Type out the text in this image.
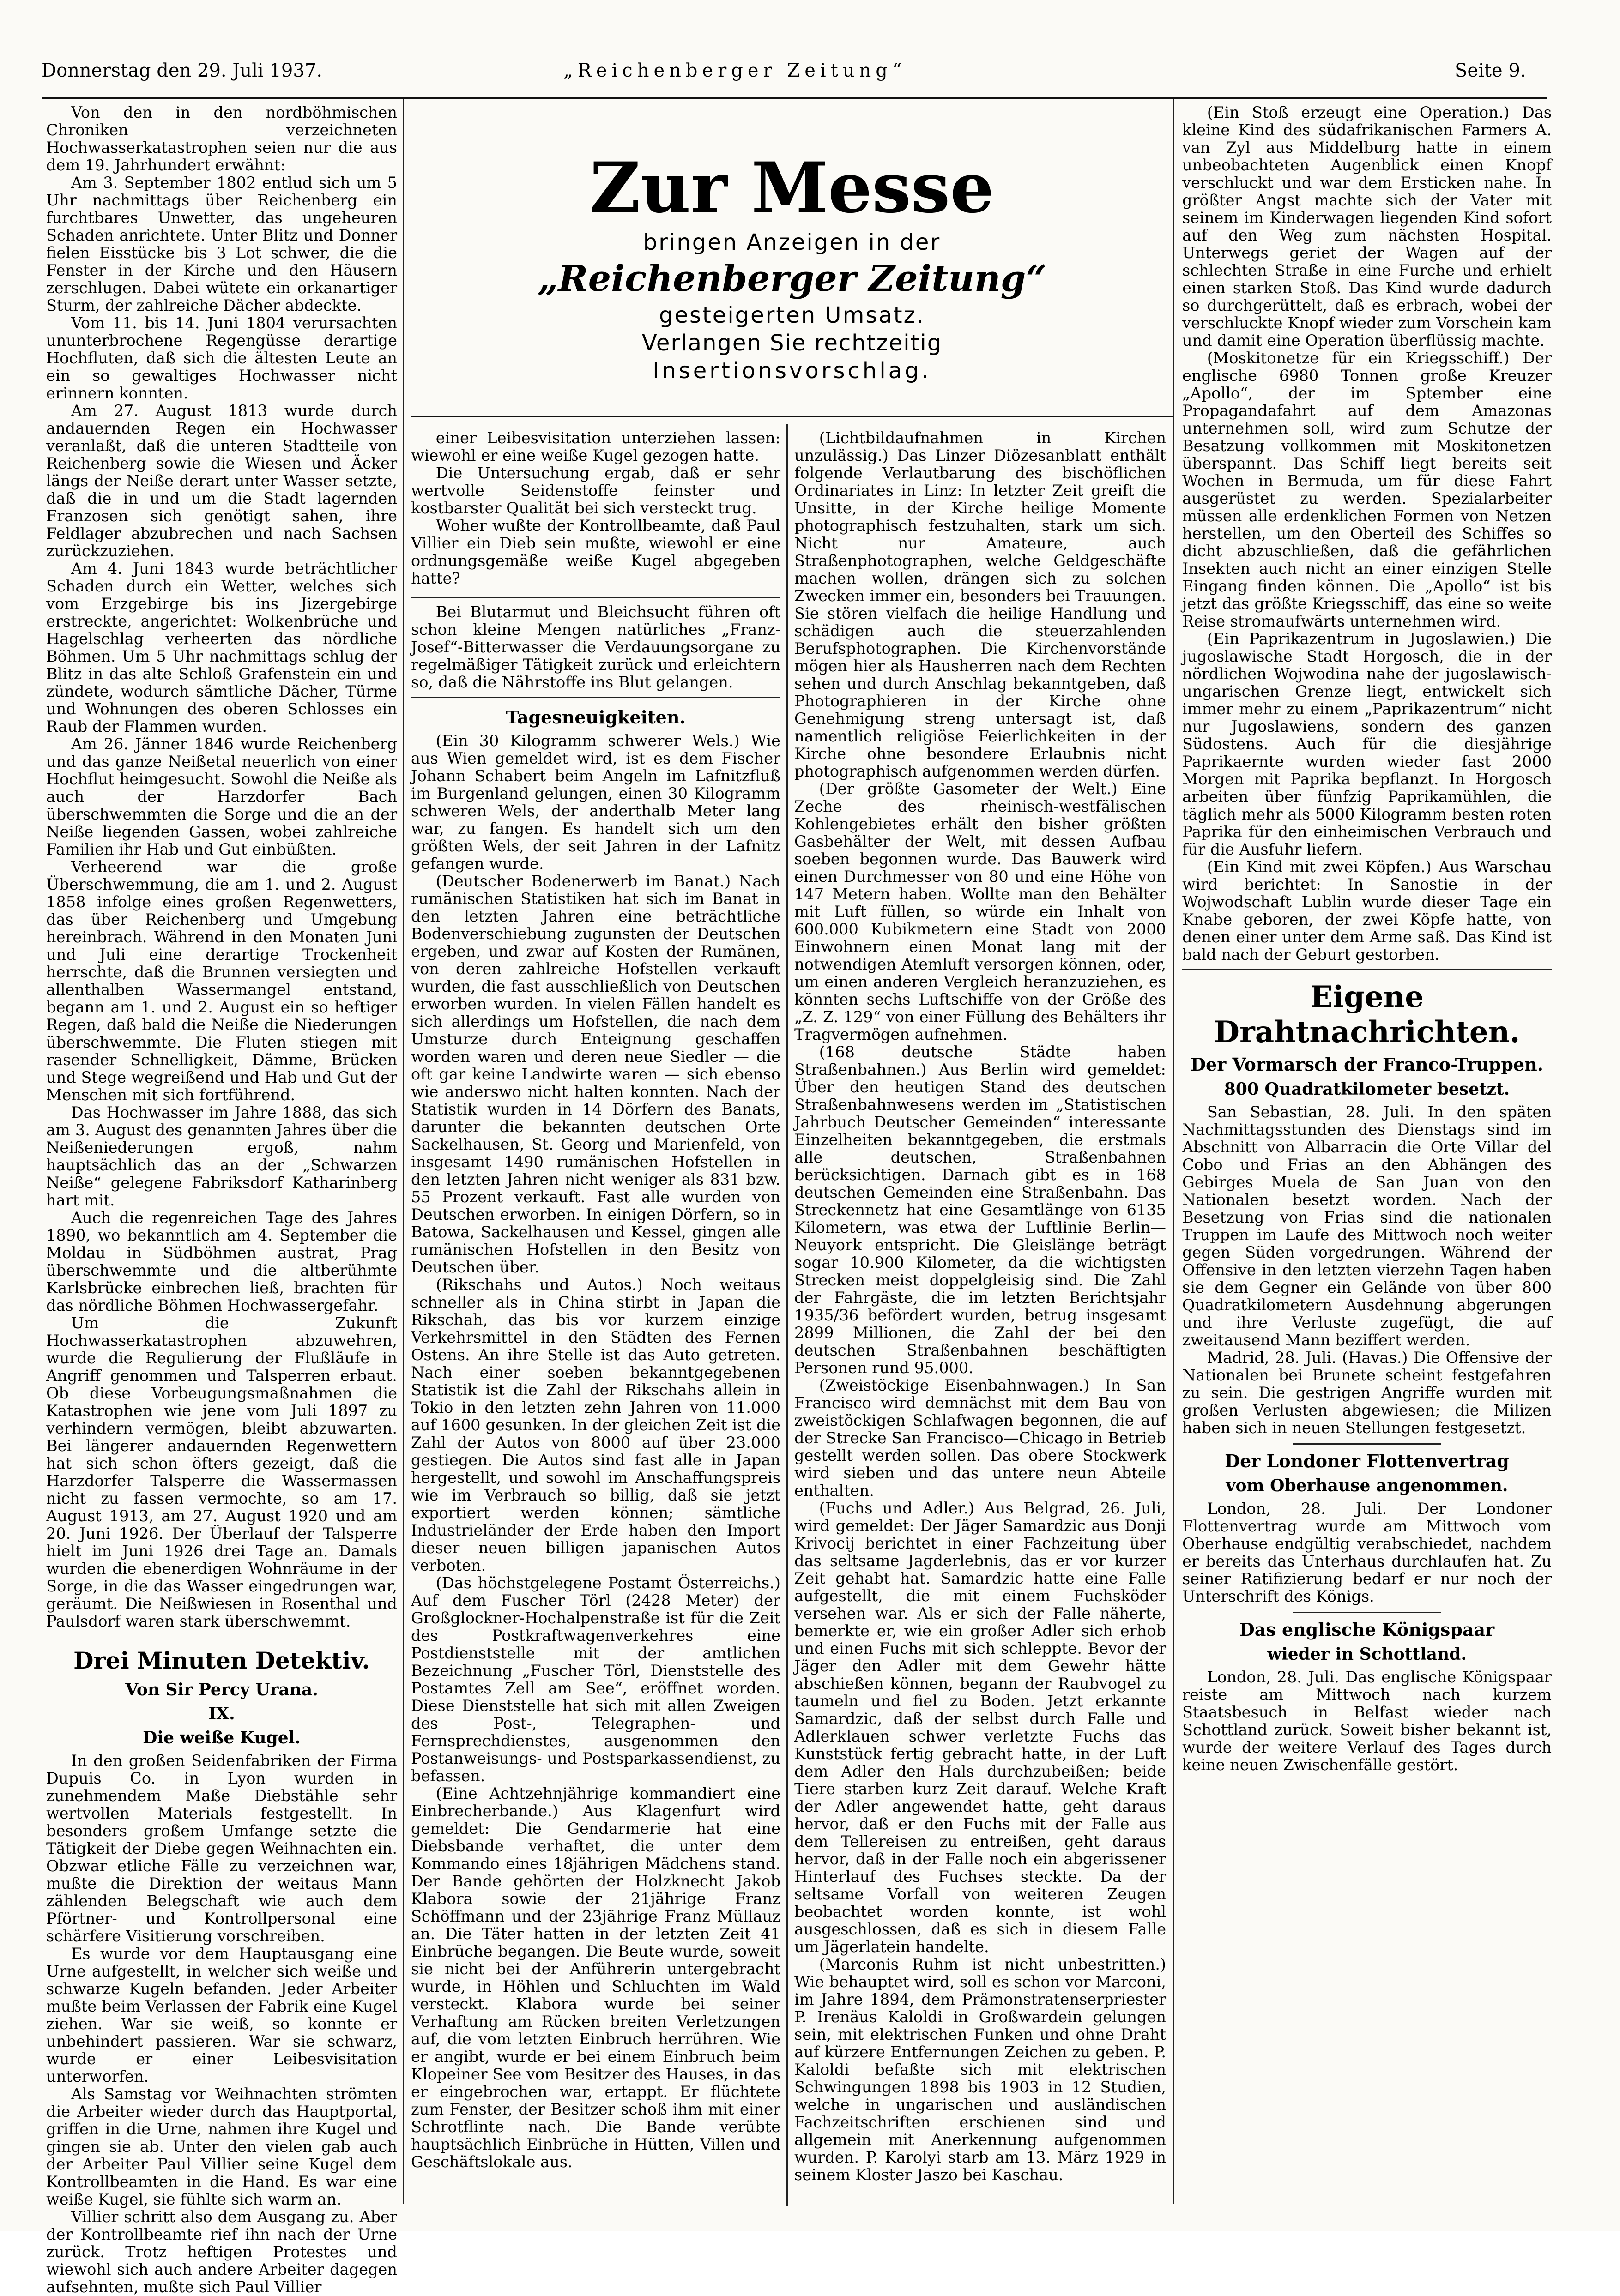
Donnerstag den 29. Juli 1937.	„Reichenberger Zeitung“	Seite 9.
Zur Messe
bringen Anzeigen in der
„Reichenberger Zeitung“
gesteigerten Umsatz.
Verlangen Sie rechtzeitig
Insertionsvorschlag.

Von den in den nordböhmischen Chroniken verzeichneten Hochwasserkatastrophen seien nur die aus dem 19. Jahrhundert erwähnt:

Am 3. September 1802 entlud sich um 5 Uhr nachmittags über Reichenberg ein furchtbares Unwetter, das ungeheuren Schaden anrichtete. Unter Blitz und Donner fielen Eisstücke bis 3 Lot schwer, die die Fenster in der Kirche und den Häusern zerschlugen. Dabei wütete ein orkanartiger Sturm, der zahlreiche Dächer abdeckte.

Vom 11. bis 14. Juni 1804 verursachten ununterbrochene Regengüsse derartige Hochfluten, daß sich die ältesten Leute an ein so gewaltiges Hochwasser nicht erinnern konnten.

Am 27. August 1813 wurde durch andauernden Regen ein Hochwasser veranlaßt, daß die unteren Stadtteile von Reichenberg sowie die Wiesen und Äcker längs der Neiße derart unter Wasser setzte, daß die in und um die Stadt lagernden Franzosen sich genötigt sahen, ihre Feldlager abzubrechen und nach Sachsen zurückzuziehen.

Am 4. Juni 1843 wurde beträchtlicher Schaden durch ein Wetter, welches sich vom Erzgebirge bis ins Jizergebirge erstreckte, angerichtet: Wolkenbrüche und Hagelschlag verheerten das nördliche Böhmen. Um 5 Uhr nachmittags schlug der Blitz in das alte Schloß Grafenstein ein und zündete, wodurch sämtliche Dächer, Türme und Wohnungen des oberen Schlosses ein Raub der Flammen wurden.

Am 26. Jänner 1846 wurde Reichenberg und das ganze Neißetal neuerlich von einer Hochflut heimgesucht. Sowohl die Neiße als auch der Harzdorfer Bach überschwemmten die Sorge und die an der Neiße liegenden Gassen, wobei zahlreiche Familien ihr Hab und Gut einbüßten.

Verheerend war die große Überschwemmung, die am 1. und 2. August 1858 infolge eines großen Regenwetters, das über Reichenberg und Umgebung hereinbrach. Während in den Monaten Juni und Juli eine derartige Trockenheit herrschte, daß die Brunnen versiegten und allenthalben Wassermangel entstand, begann am 1. und 2. August ein so heftiger Regen, daß bald die Neiße die Niederungen überschwemmte. Die Fluten stiegen mit rasender Schnelligkeit, Dämme, Brücken und Stege wegreißend und Hab und Gut der Menschen mit sich fortführend.

Das Hochwasser im Jahre 1888, das sich am 3. August des genannten Jahres über die Neißeniederungen ergoß, nahm hauptsächlich das an der „Schwarzen Neiße“ gelegene Fabriksdorf Katharinberg hart mit.

Auch die regenreichen Tage des Jahres 1890, wo bekanntlich am 4. September die Moldau in Südböhmen austrat, Prag überschwemmte und die altberühmte Karlsbrücke einbrechen ließ, brachten für das nördliche Böhmen Hochwassergefahr.

Um die Zukunft Hochwasserkatastrophen abzuwehren, wurde die Regulierung der Flußläufe in Angriff genommen und Talsperren erbaut. Ob diese Vorbeugungsmaßnahmen die Katastrophen wie jene vom Juli 1897 zu verhindern vermögen, bleibt abzuwarten. Bei längerer andauernden Regenwettern hat sich schon öfters gezeigt, daß die Harzdorfer Talsperre die Wassermassen nicht zu fassen vermochte, so am 17. August 1913, am 27. August 1920 und am 20. Juni 1926. Der Überlauf der Talsperre hielt im Juni 1926 drei Tage an. Damals wurden die ebenerdigen Wohnräume in der Sorge, in die das Wasser eingedrungen war, geräumt. Die Neißwiesen in Rosenthal und Paulsdorf waren stark überschwemmt.

Drei Minuten Detektiv.
Von Sir Percy Urana.
IX.
Die weiße Kugel.

In den großen Seidenfabriken der Firma Dupuis Co. in Lyon wurden in zunehmendem Maße Diebstähle sehr wertvollen Materials festgestellt. In besonders großem Umfange setzte die Tätigkeit der Diebe gegen Weihnachten ein. Obzwar etliche Fälle zu verzeichnen war, mußte die Direktion der weitaus Mann zählenden Belegschaft wie auch dem Pförtner- und Kontrollpersonal eine schärfere Visitierung vorschreiben.

Es wurde vor dem Hauptausgang eine Urne aufgestellt, in welcher sich weiße und schwarze Kugeln befanden. Jeder Arbeiter mußte beim Verlassen der Fabrik eine Kugel ziehen. War sie weiß, so konnte er unbehindert passieren. War sie schwarz, wurde er einer Leibesvisitation unterworfen.

Als Samstag vor Weihnachten strömten die Arbeiter wieder durch das Hauptportal, griffen in die Urne, nahmen ihre Kugel und gingen sie ab. Unter den vielen gab auch der Arbeiter Paul Villier seine Kugel dem Kontrollbeamten in die Hand. Es war eine weiße Kugel, sie fühlte sich warm an.

Villier schritt also dem Ausgang zu. Aber der Kontrollbeamte rief ihn nach der Urne zurück. Trotz heftigen Protestes und wiewohl sich auch andere Arbeiter dagegen aufsehnten, mußte sich Paul Villier

einer Leibesvisitation unterziehen lassen: wiewohl er eine weiße Kugel gezogen hatte.

Die Untersuchung ergab, daß er sehr wertvolle Seidenstoffe feinster und kostbarster Qualität bei sich versteckt trug.

Woher wußte der Kontrollbeamte, daß Paul Villier ein Dieb sein mußte, wiewohl er eine ordnungsgemäße weiße Kugel abgegeben hatte?

Bei Blutarmut und Bleichsucht führen oft schon kleine Mengen natürliches „Franz-Josef“-Bitterwasser die Verdauungsorgane zu regelmäßiger Tätigkeit zurück und erleichtern so, daß die Nährstoffe ins Blut gelangen.

Tagesneuigkeiten.

(Ein 30 Kilogramm schwerer Wels.) Wie aus Wien gemeldet wird, ist es dem Fischer Johann Schabert beim Angeln im Lafnitzfluß im Burgenland gelungen, einen 30 Kilogramm schweren Wels, der anderthalb Meter lang war, zu fangen. Es handelt sich um den größten Wels, der seit Jahren in der Lafnitz gefangen wurde.

(Deutscher Bodenerwerb im Banat.) Nach rumänischen Statistiken hat sich im Banat in den letzten Jahren eine beträchtliche Bodenverschiebung zugunsten der Deutschen ergeben, und zwar auf Kosten der Rumänen, von deren zahlreiche Hofstellen verkauft wurden, die fast ausschließlich von Deutschen erworben wurden. In vielen Fällen handelt es sich allerdings um Hofstellen, die nach dem Umsturze durch Enteignung geschaffen worden waren und deren neue Siedler — die oft gar keine Landwirte waren — sich ebenso wie anderswo nicht halten konnten. Nach der Statistik wurden in 14 Dörfern des Banats, darunter die bekannten deutschen Orte Sackelhausen, St. Georg und Marienfeld, von insgesamt 1490 rumänischen Hofstellen in den letzten Jahren nicht weniger als 831 bzw. 55 Prozent verkauft. Fast alle wurden von Deutschen erworben. In einigen Dörfern, so in Batowa, Sackelhausen und Kessel, gingen alle rumänischen Hofstellen in den Besitz von Deutschen über.

(Rikschahs und Autos.) Noch weitaus schneller als in China stirbt in Japan die Rikschah, das bis vor kurzem einzige Verkehrsmittel in den Städten des Fernen Ostens. An ihre Stelle ist das Auto getreten. Nach einer soeben bekanntgegebenen Statistik ist die Zahl der Rikschahs allein in Tokio in den letzten zehn Jahren von 11.000 auf 1600 gesunken. In der gleichen Zeit ist die Zahl der Autos von 8000 auf über 23.000 gestiegen. Die Autos sind fast alle in Japan hergestellt, und sowohl im Anschaffungspreis wie im Verbrauch so billig, daß sie jetzt exportiert werden können; sämtliche Industrieländer der Erde haben den Import dieser neuen billigen japanischen Autos verboten.

(Das höchstgelegene Postamt Österreichs.) Auf dem Fuscher Törl (2428 Meter) der Großglockner-Hochalpenstraße ist für die Zeit des Postkraftwagenverkehres eine Postdienststelle mit der amtlichen Bezeichnung „Fuscher Törl, Dienststelle des Postamtes Zell am See“, eröffnet worden. Diese Dienststelle hat sich mit allen Zweigen des Post-, Telegraphen- und Fernsprechdienstes, ausgenommen den Postanweisungs- und Postsparkassendienst, zu befassen.

(Eine Achtzehnjährige kommandiert eine Einbrecherbande.) Aus Klagenfurt wird gemeldet: Die Gendarmerie hat eine Diebsbande verhaftet, die unter dem Kommando eines 18jährigen Mädchens stand. Der Bande gehörten der Holzknecht Jakob Klabora sowie der 21jährige Franz Schöffmann und der 23jährige Franz Müllauz an. Die Täter hatten in der letzten Zeit 41 Einbrüche begangen. Die Beute wurde, soweit sie nicht bei der Anführerin untergebracht wurde, in Höhlen und Schluchten im Wald versteckt. Klabora wurde bei seiner Verhaftung am Rücken breiten Verletzungen auf, die vom letzten Einbruch herrühren. Wie er angibt, wurde er bei einem Einbruch beim Klopeiner See vom Besitzer des Hauses, in das er eingebrochen war, ertappt. Er flüchtete zum Fenster, der Besitzer schoß ihm mit einer Schrotflinte nach. Die Bande verübte hauptsächlich Einbrüche in Hütten, Villen und Geschäftslokale aus.

(Lichtbildaufnahmen in Kirchen unzulässig.) Das Linzer Diözesanblatt enthält folgende Verlautbarung des bischöflichen Ordinariates in Linz: In letzter Zeit greift die Unsitte, in der Kirche heilige Momente photographisch festzuhalten, stark um sich. Nicht nur Amateure, auch Straßenphotographen, welche Geldgeschäfte machen wollen, drängen sich zu solchen Zwecken immer ein, besonders bei Trauungen. Sie stören vielfach die heilige Handlung und schädigen auch die steuerzahlenden Berufsphotographen. Die Kirchenvorstände mögen hier als Hausherren nach dem Rechten sehen und durch Anschlag bekanntgeben, daß Photographieren in der Kirche ohne Genehmigung streng untersagt ist, daß namentlich religiöse Feierlichkeiten in der Kirche ohne besondere Erlaubnis nicht photographisch aufgenommen werden dürfen.

(Der größte Gasometer der Welt.) Eine Zeche des rheinisch-westfälischen Kohlengebietes erhält den bisher größten Gasbehälter der Welt, mit dessen Aufbau soeben begonnen wurde. Das Bauwerk wird einen Durchmesser von 80 und eine Höhe von 147 Metern haben. Wollte man den Behälter mit Luft füllen, so würde ein Inhalt von 600.000 Kubikmetern eine Stadt von 2000 Einwohnern einen Monat lang mit der notwendigen Atemluft versorgen können, oder, um einen anderen Vergleich heranzuziehen, es könnten sechs Luftschiffe von der Größe des „Z. Z. 129“ von einer Füllung des Behälters ihr Tragvermögen aufnehmen.

(168 deutsche Städte haben Straßenbahnen.) Aus Berlin wird gemeldet: Über den heutigen Stand des deutschen Straßenbahnwesens werden im „Statistischen Jahrbuch Deutscher Gemeinden“ interessante Einzelheiten bekanntgegeben, die erstmals alle deutschen, Straßenbahnen berücksichtigen. Darnach gibt es in 168 deutschen Gemeinden eine Straßenbahn. Das Streckennetz hat eine Gesamtlänge von 6135 Kilometern, was etwa der Luftlinie Berlin—Neuyork entspricht. Die Gleislänge beträgt sogar 10.900 Kilometer, da die wichtigsten Strecken meist doppelgleisig sind. Die Zahl der Fahrgäste, die im letzten Berichtsjahr 1935/36 befördert wurden, betrug insgesamt 2899 Millionen, die Zahl der bei den deutschen Straßenbahnen beschäftigten Personen rund 95.000.

(Zweistöckige Eisenbahnwagen.) In San Francisco wird demnächst mit dem Bau von zweistöckigen Schlafwagen begonnen, die auf der Strecke San Francisco—Chicago in Betrieb gestellt werden sollen. Das obere Stockwerk wird sieben und das untere neun Abteile enthalten.

(Fuchs und Adler.) Aus Belgrad, 26. Juli, wird gemeldet: Der Jäger Samardzic aus Donji Krivocij berichtet in einer Fachzeitung über das seltsame Jagderlebnis, das er vor kurzer Zeit gehabt hat. Samardzic hatte eine Falle aufgestellt, die mit einem Fuchsköder versehen war. Als er sich der Falle näherte, bemerkte er, wie ein großer Adler sich erhob und einen Fuchs mit sich schleppte. Bevor der Jäger den Adler mit dem Gewehr hätte abschießen können, begann der Raubvogel zu taumeln und fiel zu Boden. Jetzt erkannte Samardzic, daß der selbst durch Falle und Adlerklauen schwer verletzte Fuchs das Kunststück fertig gebracht hatte, in der Luft dem Adler den Hals durchzubeißen; beide Tiere starben kurz Zeit darauf. Welche Kraft der Adler angewendet hatte, geht daraus hervor, daß er den Fuchs mit der Falle aus dem Tellereisen zu entreißen, geht daraus hervor, daß in der Falle noch ein abgerissener Hinterlauf des Fuchses steckte. Da der seltsame Vorfall von weiteren Zeugen beobachtet worden konnte, ist wohl ausgeschlossen, daß es sich in diesem Falle um Jägerlatein handelte.

(Marconis Ruhm ist nicht unbestritten.) Wie behauptet wird, soll es schon vor Marconi, im Jahre 1894, dem Prämonstratenserpriester P. Irenäus Kaloldi in Großwardein gelungen sein, mit elektrischen Funken und ohne Draht auf kürzere Entfernungen Zeichen zu geben. P. Kaloldi befaßte sich mit elektrischen Schwingungen 1898 bis 1903 in 12 Studien, welche in ungarischen und ausländischen Fachzeitschriften erschienen sind und allgemein mit Anerkennung aufgenommen wurden. P. Karolyi starb am 13. März 1929 in seinem Kloster Jaszo bei Kaschau.

(Ein Stoß erzeugt eine Operation.) Das kleine Kind des südafrikanischen Farmers A. van Zyl aus Middelburg hatte in einem unbeobachteten Augenblick einen Knopf verschluckt und war dem Ersticken nahe. In größter Angst machte sich der Vater mit seinem im Kinderwagen liegenden Kind sofort auf den Weg zum nächsten Hospital. Unterwegs geriet der Wagen auf der schlechten Straße in eine Furche und erhielt einen starken Stoß. Das Kind wurde dadurch so durchgerüttelt, daß es erbrach, wobei der verschluckte Knopf wieder zum Vorschein kam und damit eine Operation überflüssig machte.

(Moskitonetze für ein Kriegsschiff.) Der englische 6980 Tonnen große Kreuzer „Apollo“, der im Sptember eine Propagandafahrt auf dem Amazonas unternehmen soll, wird zum Schutze der Besatzung vollkommen mit Moskitonetzen überspannt. Das Schiff liegt bereits seit Wochen in Bermuda, um für diese Fahrt ausgerüstet zu werden. Spezialarbeiter müssen alle erdenklichen Formen von Netzen herstellen, um den Oberteil des Schiffes so dicht abzuschließen, daß die gefährlichen Insekten auch nicht an einer einzigen Stelle Eingang finden können. Die „Apollo“ ist bis jetzt das größte Kriegsschiff, das eine so weite Reise stromaufwärts unternehmen wird.

(Ein Paprikazentrum in Jugoslawien.) Die jugoslawische Stadt Horgosch, die in der nördlichen Wojwodina nahe der jugoslawisch-ungarischen Grenze liegt, entwickelt sich immer mehr zu einem „Paprikazentrum“ nicht nur Jugoslawiens, sondern des ganzen Südostens. Auch für die diesjährige Paprikaernte wurden wieder fast 2000 Morgen mit Paprika bepflanzt. In Horgosch arbeiten über fünfzig Paprikamühlen, die täglich mehr als 5000 Kilogramm besten roten Paprika für den einheimischen Verbrauch und für die Ausfuhr liefern.

(Ein Kind mit zwei Köpfen.) Aus Warschau wird berichtet: In Sanostie in der Wojwodschaft Lublin wurde dieser Tage ein Knabe geboren, der zwei Köpfe hatte, von denen einer unter dem Arme saß. Das Kind ist bald nach der Geburt gestorben.

Eigene Drahtnachrichten.
Der Vormarsch der Franco-Truppen.
800 Quadratkilometer besetzt.

San Sebastian, 28. Juli. In den späten Nachmittagsstunden des Dienstags sind im Abschnitt von Albarracin die Orte Villar del Cobo und Frias an den Abhängen des Gebirges Muela de San Juan von den Nationalen besetzt worden. Nach der Besetzung von Frias sind die nationalen Truppen im Laufe des Mittwoch noch weiter gegen Süden vorgedrungen. Während der Offensive in den letzten vierzehn Tagen haben sie dem Gegner ein Gelände von über 800 Quadratkilometern Ausdehnung abgerungen und ihre Verluste zugefügt, die auf zweitausend Mann beziffert werden.

Madrid, 28. Juli. (Havas.) Die Offensive der Nationalen bei Brunete scheint festgefahren zu sein. Die gestrigen Angriffe wurden mit großen Verlusten abgewiesen; die Milizen haben sich in neuen Stellungen festgesetzt.

Der Londoner Flottenvertrag
vom Oberhause angenommen.

London, 28. Juli. Der Londoner Flottenvertrag wurde am Mittwoch vom Oberhause endgültig verabschiedet, nachdem er bereits das Unterhaus durchlaufen hat. Zu seiner Ratifizierung bedarf er nur noch der Unterschrift des Königs.

Das englische Königspaar
wieder in Schottland.

London, 28. Juli. Das englische Königspaar reiste am Mittwoch nach kurzem Staatsbesuch in Belfast wieder nach Schottland zurück. Soweit bisher bekannt ist, wurde der weitere Verlauf des Tages durch keine neuen Zwischenfälle gestört.
